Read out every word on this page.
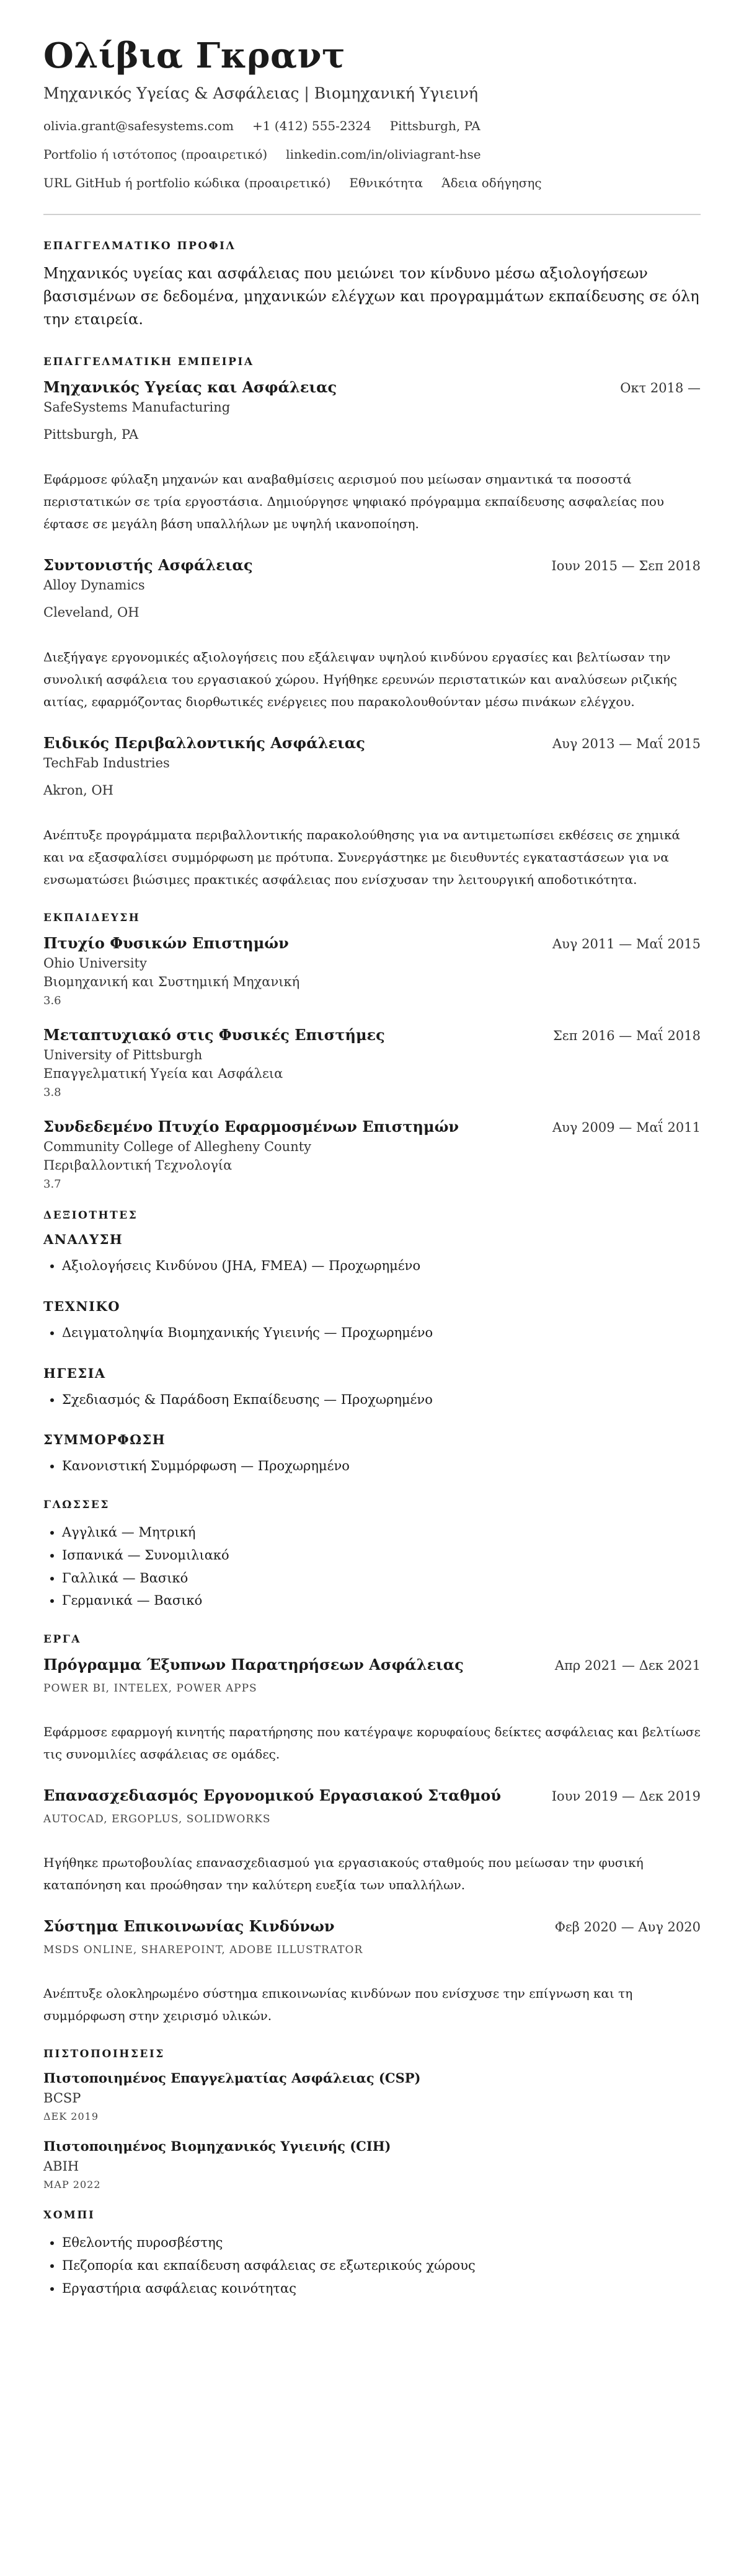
Ολίβια Γκραντ
Μηχανικός Υγείας & Ασφάλειας | Βιομηχανική Υγιεινή
olivia.grant@safesystems.com +1 (412) 555-2324 Pittsburgh, PA
Portfolio ή ιστότοπος (προαιρετικό) linkedin.com/in/oliviagrant-hse
URL GitHub ή portfolio κώδικα (προαιρετικό) Εθνικότητα Άδεια οδήγησης
ΕΠΑΓΓΕΛΜΑΤΙΚΟ ΠΡΟΦΙΛ

Μηχανικός υγείας και ασφάλειας που μειώνει τον κίνδυνο μέσω αξιολογήσεων βασισμένων σε δεδομένα, μηχανικών ελέγχων και προγραμμάτων εκπαίδευσης σε όλη την εταιρεία.

ΕΠΑΓΓΕΛΜΑΤΙΚΗ ΕΜΠΕΙΡΙΑ
Μηχανικός Υγείας και Ασφάλειας	Οκτ 2018 —
SafeSystems Manufacturing
Pittsburgh, PA
Εφάρμοσε φύλαξη μηχανών και αναβαθμίσεις αερισμού που μείωσαν σημαντικά τα ποσοστά περιστατικών σε τρία εργοστάσια. Δημιούργησε ψηφιακό πρόγραμμα εκπαίδευσης ασφαλείας που έφτασε σε μεγάλη βάση υπαλλήλων με υψηλή ικανοποίηση.
Συντονιστής Ασφάλειας	Ιουν 2015 — Σεπ 2018
Alloy Dynamics
Cleveland, OH
Διεξήγαγε εργονομικές αξιολογήσεις που εξάλειψαν υψηλού κινδύνου εργασίες και βελτίωσαν την συνολική ασφάλεια του εργασιακού χώρου. Ηγήθηκε ερευνών περιστατικών και αναλύσεων ριζικής αιτίας, εφαρμόζοντας διορθωτικές ενέργειες που παρακολουθούνταν μέσω πινάκων ελέγχου.
Ειδικός Περιβαλλοντικής Ασφάλειας	Αυγ 2013 — Μαΐ 2015
TechFab Industries
Akron, OH
Ανέπτυξε προγράμματα περιβαλλοντικής παρακολούθησης για να αντιμετωπίσει εκθέσεις σε χημικά και να εξασφαλίσει συμμόρφωση με πρότυπα. Συνεργάστηκε με διευθυντές εγκαταστάσεων για να ενσωματώσει βιώσιμες πρακτικές ασφάλειας που ενίσχυσαν την λειτουργική αποδοτικότητα.
ΕΚΠΑΙΔΕΥΣΗ
Πτυχίο Φυσικών Επιστημών	Αυγ 2011 — Μαΐ 2015
Ohio University
Βιομηχανική και Συστημική Μηχανική
3.6
Μεταπτυχιακό στις Φυσικές Επιστήμες	Σεπ 2016 — Μαΐ 2018
University of Pittsburgh
Επαγγελματική Υγεία και Ασφάλεια
3.8
Συνδεδεμένο Πτυχίο Εφαρμοσμένων Επιστημών	Αυγ 2009 — Μαΐ 2011
Community College of Allegheny County
Περιβαλλοντική Τεχνολογία
3.7
ΔΕΞΙΟΤΗΤΕΣ
ΑΝΑΛΥΣΗ
• Αξιολογήσεις Κινδύνου (JHA, FMEA) — Προχωρημένο
ΤΕΧΝΙΚΟ
• Δειγματοληψία Βιομηχανικής Υγιεινής — Προχωρημένο
ΗΓΕΣΙΑ
• Σχεδιασμός & Παράδοση Εκπαίδευσης — Προχωρημένο
ΣΥΜΜΟΡΦΩΣΗ
• Κανονιστική Συμμόρφωση — Προχωρημένο
ΓΛΩΣΣΕΣ
• Αγγλικά — Μητρική
• Ισπανικά — Συνομιλιακό
• Γαλλικά — Βασικό
• Γερμανικά — Βασικό
ΕΡΓΑ
Πρόγραμμα Έξυπνων Παρατηρήσεων Ασφάλειας	Απρ 2021 — Δεκ 2021
POWER BI, INTELEX, POWER APPS
Εφάρμοσε εφαρμογή κινητής παρατήρησης που κατέγραψε κορυφαίους δείκτες ασφάλειας και βελτίωσε τις συνομιλίες ασφάλειας σε ομάδες.
Επανασχεδιασμός Εργονομικού Εργασιακού Σταθμού	Ιουν 2019 — Δεκ 2019
AUTOCAD, ERGOPLUS, SOLIDWORKS
Ηγήθηκε πρωτοβουλίας επανασχεδιασμού για εργασιακούς σταθμούς που μείωσαν την φυσική καταπόνηση και προώθησαν την καλύτερη ευεξία των υπαλλήλων.
Σύστημα Επικοινωνίας Κινδύνων	Φεβ 2020 — Αυγ 2020
MSDS ONLINE, SHAREPOINT, ADOBE ILLUSTRATOR
Ανέπτυξε ολοκληρωμένο σύστημα επικοινωνίας κινδύνων που ενίσχυσε την επίγνωση και τη συμμόρφωση στην χειρισμό υλικών.
ΠΙΣΤΟΠΟΙΗΣΕΙΣ
Πιστοποιημένος Επαγγελματίας Ασφάλειας (CSP)
BCSP
ΔΕΚ 2019
Πιστοποιημένος Βιομηχανικός Υγιεινής (CIH)
ABIH
ΜΑΡ 2022
ΧΟΜΠΙ
• Εθελοντής πυροσβέστης
• Πεζοπορία και εκπαίδευση ασφάλειας σε εξωτερικούς χώρους
• Εργαστήρια ασφάλειας κοινότητας
